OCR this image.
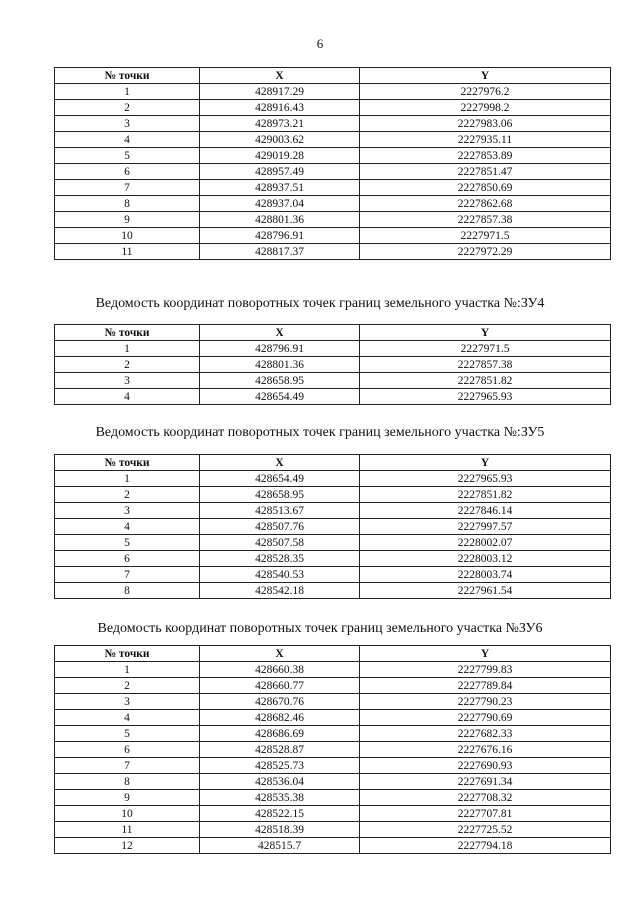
6
№ точки	X	Y
1	428917.29	2227976.2
2	428916.43	2227998.2
3	428973.21	2227983.06
4	429003.62	2227935.11
5	429019.28	2227853.89
6	428957.49	2227851.47
7	428937.51	2227850.69
8	428937.04	2227862.68
9	428801.36	2227857.38
10	428796.91	2227971.5
11	428817.37	2227972.29
Ведомость координат поворотных точек границ земельного участка №:ЗУ4
№ точки	X	Y
1	428796.91	2227971.5
2	428801.36	2227857.38
3	428658.95	2227851.82
4	428654.49	2227965.93
Ведомость координат поворотных точек границ земельного участка №:ЗУ5
№ точки	X	Y
1	428654.49	2227965.93
2	428658.95	2227851.82
3	428513.67	2227846.14
4	428507.76	2227997.57
5	428507.58	2228002.07
6	428528.35	2228003.12
7	428540.53	2228003.74
8	428542.18	2227961.54
Ведомость координат поворотных точек границ земельного участка №ЗУ6
№ точки	X	Y
1	428660.38	2227799.83
2	428660.77	2227789.84
3	428670.76	2227790.23
4	428682.46	2227790.69
5	428686.69	2227682.33
6	428528.87	2227676.16
7	428525.73	2227690.93
8	428536.04	2227691.34
9	428535.38	2227708.32
10	428522.15	2227707.81
11	428518.39	2227725.52
12	428515.7	2227794.18
